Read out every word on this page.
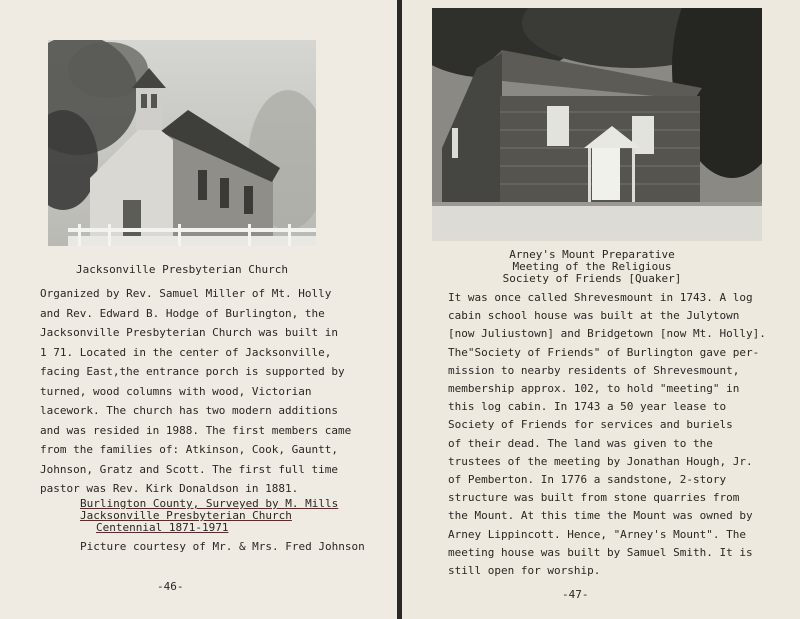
Jacksonville Presbyterian Church
Organized by Rev. Samuel Miller of Mt. Holly
and Rev. Edward B. Hodge of Burlington, the
Jacksonville Presbyterian Church was built in
1 71. Located in the center of Jacksonville,
facing East,the entrance porch is supported by
turned, wood columns with wood, Victorian
lacework. The church has two modern additions
and was resided in 1988. The first members came
from the families of: Atkinson, Cook, Gauntt,
Johnson, Gratz and Scott. The first full time
pastor was Rev. Kirk Donaldson in 1881.
Burlington County, Surveyed by M. Mills
Jacksonville Presbyterian Church
Centennial 1871-1971
Picture courtesy of Mr. & Mrs. Fred Johnson
-46-
Arney's Mount Preparative
Meeting of the Religious
Society of Friends [Quaker]
It was once called Shrevesmount in 1743. A log
cabin school house was built at the Julytown
[now Juliustown] and Bridgetown [now Mt. Holly].
The"Society of Friends" of Burlington gave per-
mission to nearby residents of Shrevesmount,
membership approx. 102, to hold "meeting" in
this log cabin. In 1743 a 50 year lease to
Society of Friends for services and buriels
of their dead. The land was given to the
trustees of the meeting by Jonathan Hough, Jr.
of Pemberton. In 1776 a sandstone, 2-story
structure was built from stone quarries from
the Mount. At this time the Mount was owned by
Arney Lippincott. Hence, "Arney's Mount". The
meeting house was built by Samuel Smith. It is
still open for worship.
-47-
